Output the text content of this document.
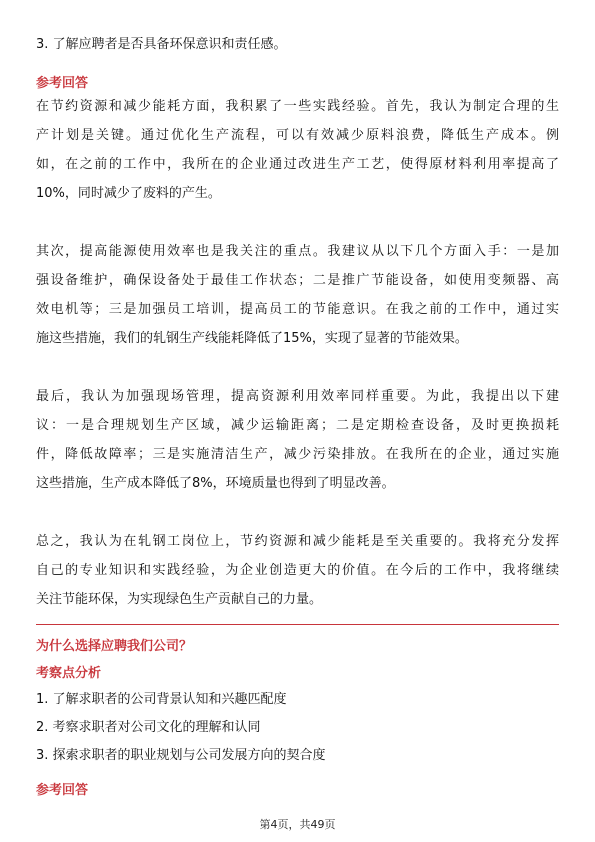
3. 了解应聘者是否具备环保意识和责任感。
参考回答
在节约资源和减少能耗方面，我积累了一些实践经验。首先，我认为制定合理的生
产计划是关键。通过优化生产流程，可以有效减少原料浪费，降低生产成本。例
如，在之前的工作中，我所在的企业通过改进生产工艺，使得原材料利用率提高了
10%，同时减少了废料的产生。
其次，提高能源使用效率也是我关注的重点。我建议从以下几个方面入手：一是加
强设备维护，确保设备处于最佳工作状态；二是推广节能设备，如使用变频器、高
效电机等；三是加强员工培训，提高员工的节能意识。在我之前的工作中，通过实
施这些措施，我们的轧钢生产线能耗降低了15%，实现了显著的节能效果。
最后，我认为加强现场管理，提高资源利用效率同样重要。为此，我提出以下建
议：一是合理规划生产区域，减少运输距离；二是定期检查设备，及时更换损耗
件，降低故障率；三是实施清洁生产，减少污染排放。在我所在的企业，通过实施
这些措施，生产成本降低了8%，环境质量也得到了明显改善。
总之，我认为在轧钢工岗位上，节约资源和减少能耗是至关重要的。我将充分发挥
自己的专业知识和实践经验，为企业创造更大的价值。在今后的工作中，我将继续
关注节能环保，为实现绿色生产贡献自己的力量。
为什么选择应聘我们公司？
考察点分析
1. 了解求职者的公司背景认知和兴趣匹配度
2. 考察求职者对公司文化的理解和认同
3. 探索求职者的职业规划与公司发展方向的契合度
参考回答
第4页，共49页
